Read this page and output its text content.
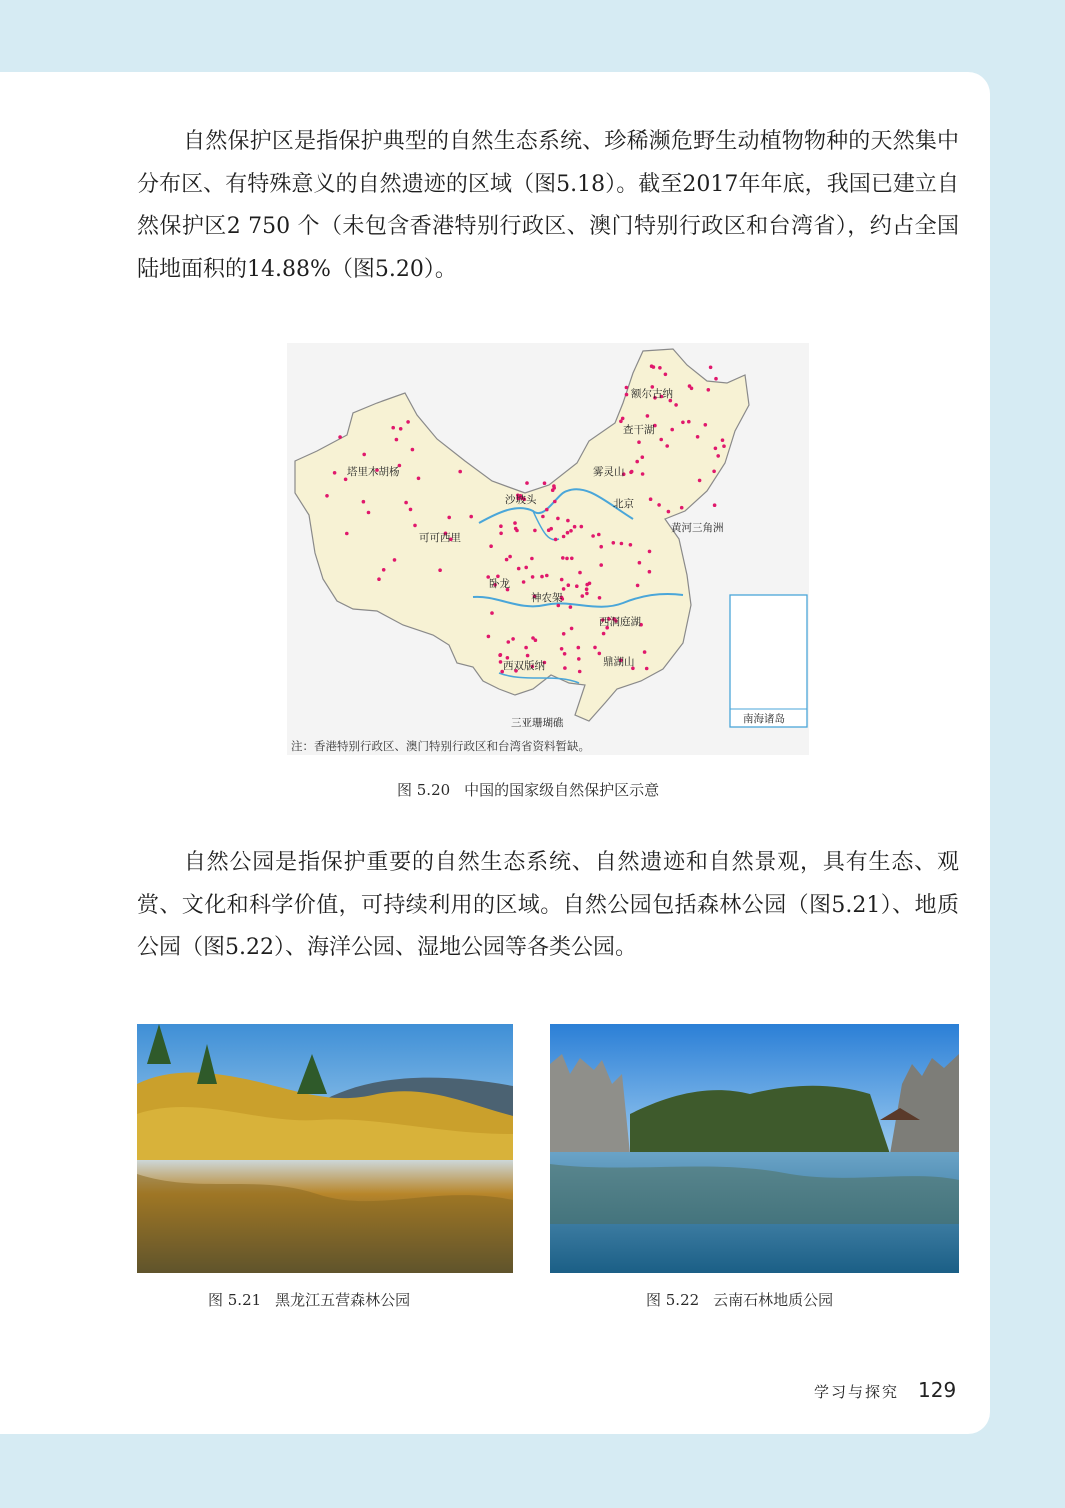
自然保护区是指保护典型的自然生态系统、珍稀濒危野生动植物物种的天然集中分布区、有特殊意义的自然遗迹的区域（图5.18）。截至2017年年底，我国已建立自然保护区2 750 个（未包含香港特别行政区、澳门特别行政区和台湾省），约占全国陆地面积的14.88%（图5.20）。

南海诸岛
额尔古纳
查干湖
雾灵山
北京
黄河三角洲
塔里木胡杨
沙坡头
可可西里
卧龙
神农架
西洞庭湖
西双版纳	鼎湖山
三亚珊瑚礁
注：香港特别行政区、澳门特别行政区和台湾省资料暂缺。
图 5.20 中国的国家级自然保护区示意

自然公园是指保护重要的自然生态系统、自然遗迹和自然景观，具有生态、观赏、文化和科学价值，可持续利用的区域。自然公园包括森林公园（图5.21）、地质公园（图5.22）、海洋公园、湿地公园等各类公园。

图 5.21 黑龙江五营森林公园	图 5.22 云南石林地质公园
学习与探究 129
